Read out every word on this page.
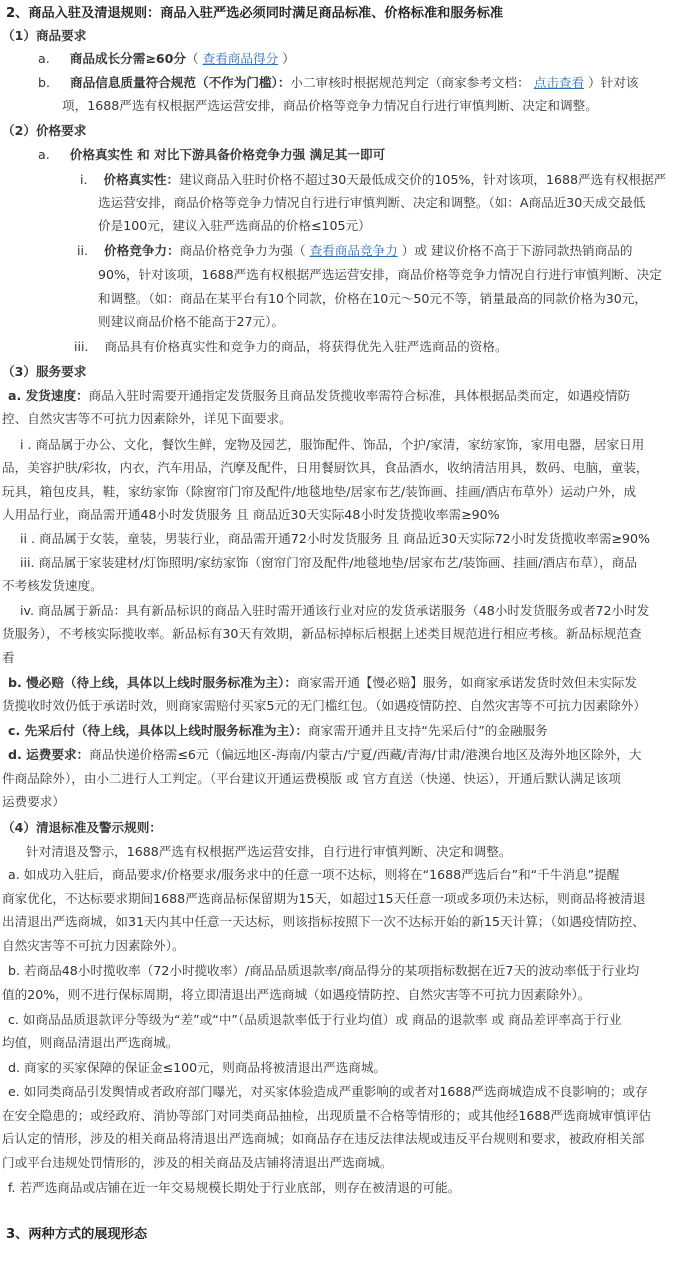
2、商品入驻及清退规则：商品入驻严选必须同时满足商品标准、价格标准和服务标准
（1）商品要求
a. 商品成长分需≥60分（ 查看商品得分 ）
b. 商品信息质量符合规范（不作为门槛）：小二审核时根据规范判定（商家参考文档： 点击查看 ）针对该
项，1688严选有权根据严选运营安排，商品价格等竞争力情况自行进行审慎判断、决定和调整。
（2）价格要求
a. 价格真实性 和 对比下游具备价格竞争力强 满足其一即可
i. 价格真实性：建议商品入驻时价格不超过30天最低成交价的105%，针对该项，1688严选有权根据严
选运营安排，商品价格等竞争力情况自行进行审慎判断、决定和调整。（如：A商品近30天成交最低
价是100元，建议入驻严选商品的价格≤105元）
ii. 价格竞争力：商品价格竞争力为强（ 查看商品竞争力 ）或 建议价格不高于下游同款热销商品的
90%，针对该项，1688严选有权根据严选运营安排，商品价格等竞争力情况自行进行审慎判断、决定
和调整。（如：商品在某平台有10个同款，价格在10元～50元不等，销量最高的同款价格为30元，
则建议商品价格不能高于27元）。
iii. 商品具有价格真实性和竞争力的商品，将获得优先入驻严选商品的资格。
（3）服务要求
a. 发货速度：商品入驻时需要开通指定发货服务且商品发货揽收率需符合标准，具体根据品类而定，如遇疫情防
控、自然灾害等不可抗力因素除外，详见下面要求。
i . 商品属于办公、文化，餐饮生鲜，宠物及园艺，服饰配件、饰品，个护/家清，家纺家饰，家用电器，居家日用
品，美容护肤/彩妆，内衣，汽车用品，汽摩及配件，日用餐厨饮具，食品酒水，收纳清洁用具，数码、电脑，童装，
玩具，箱包皮具，鞋，家纺家饰（除窗帘门帘及配件/地毯地垫/居家布艺/装饰画、挂画/酒店布草外）运动户外，成
人用品行业，商品需开通48小时发货服务 且 商品近30天实际48小时发货揽收率需≥90%
ii . 商品属于女装，童装，男装行业，商品需开通72小时发货服务 且 商品近30天实际72小时发货揽收率需≥90%
iii. 商品属于家装建材/灯饰照明/家纺家饰（窗帘门帘及配件/地毯地垫/居家布艺/装饰画、挂画/酒店布草），商品
不考核发货速度。
iv. 商品属于新品：具有新品标识的商品入驻时需开通该行业对应的发货承诺服务（48小时发货服务或者72小时发
货服务），不考核实际揽收率。新品标有30天有效期，新品标掉标后根据上述类目规范进行相应考核。新品标规范查
看
b. 慢必赔（待上线，具体以上线时服务标准为主）：商家需开通【慢必赔】服务，如商家承诺发货时效但未实际发
货揽收时效仍低于承诺时效，则商家需赔付买家5元的无门槛红包。（如遇疫情防控、自然灾害等不可抗力因素除外）
c. 先采后付（待上线，具体以上线时服务标准为主）：商家需开通并且支持“先采后付”的金融服务
d. 运费要求：商品快递价格需≤6元（偏远地区-海南/内蒙古/宁夏/西藏/青海/甘肃/港澳台地区及海外地区除外，大
件商品除外），由小二进行人工判定。（平台建议开通运费模版 或 官方直送（快递、快运），开通后默认满足该项
运费要求）
（4）清退标准及警示规则：
针对清退及警示，1688严选有权根据严选运营安排，自行进行审慎判断、决定和调整。
a. 如成功入驻后，商品要求/价格要求/服务求中的任意一项不达标，则将在“1688严选后台”和“千牛消息”提醒
商家优化，不达标要求期间1688严选商品标保留期为15天，如超过15天任意一项或多项仍未达标，则商品将被清退
出清退出严选商城，如31天内其中任意一天达标，则该指标按照下一次不达标开始的新15天计算；（如遇疫情防控、
自然灾害等不可抗力因素除外）。
b. 若商品48小时揽收率（72小时揽收率）/商品品质退款率/商品得分的某项指标数据在近7天的波动率低于行业均
值的20%，则不进行保标周期，将立即清退出严选商城（如遇疫情防控、自然灾害等不可抗力因素除外）。
c. 如商品品质退款评分等级为“差”或“中”（品质退款率低于行业均值）或 商品的退款率 或 商品差评率高于行业
均值，则商品清退出严选商城。
d. 商家的买家保障的保证金≤100元，则商品将被清退出严选商城。
e. 如同类商品引发舆情或者政府部门曝光，对买家体验造成严重影响的或者对1688严选商城造成不良影响的；或存
在安全隐患的；或经政府、消协等部门对同类商品抽检，出现质量不合格等情形的；或其他经1688严选商城审慎评估
后认定的情形，涉及的相关商品将清退出严选商城；如商品存在违反法律法规或违反平台规则和要求，被政府相关部
门或平台违规处罚情形的，涉及的相关商品及店铺将清退出严选商城。
f. 若严选商品或店铺在近一年交易规模长期处于行业底部，则存在被清退的可能。
3、两种方式的展现形态
